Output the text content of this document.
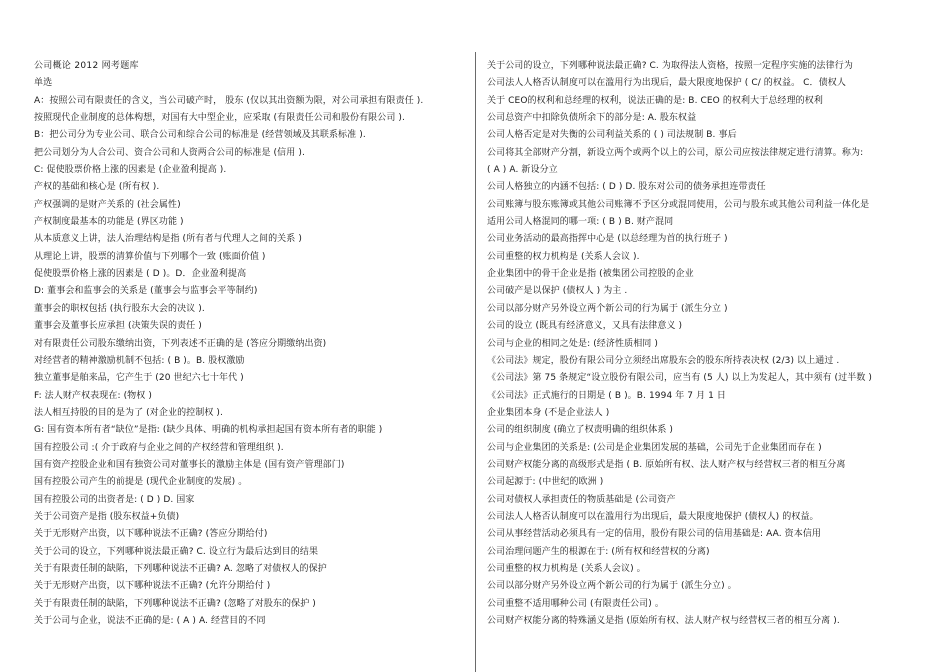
公司概论 2012 网考题库
单选
A：按照公司有限责任的含义，当公司破产时， 股东 (仅以其出资额为限，对公司承担有限责任 ).
按照现代企业制度的总体构想，对国有大中型企业，应采取 (有限责任公司和股份有限公司 ).
B：把公司分为专业公司、联合公司和综合公司的标准是 (经营领域及其联系标准 ).
把公司划分为人合公司、资合公司和人资两合公司的标准是 (信用 ).
C: 促使股票价格上涨的因素是 (企业盈利提高 ).
产权的基础和核心是 (所有权 ).
产权强调的是财产关系的 (社会属性)
产权制度最基本的功能是 (界区功能 )
从本质意义上讲，法人治理结构是指 (所有者与代理人之间的关系 )
从理论上讲，股票的清算价值与下列哪个一致 (账面价值 )
促使股票价格上涨的因素是 ( D )。D．企业盈利提高
D: 董事会和监事会的关系是 (董事会与监事会平等制约)
董事会的职权包括 (执行股东大会的决议 ).
董事会及董事长应承担 (决策失误的责任 )
对有限责任公司股东缴纳出资，下列表述不正确的是 (答应分期缴纳出资)
对经营者的精神激励机制不包括: ( B )。B. 股权激励
独立董事是舶来品，它产生于 (20 世纪六七十年代 )
F: 法人财产权表现在: (物权 )
法人相互持股的目的是为了 (对企业的控制权 ).
G: 国有资本所有者“缺位”是指: (缺少具体、明确的机构承担起国有资本所有者的职能 )
国有控股公司 :( 介于政府与企业之间的产权经营和管理组织 ).
国有资产控股企业和国有独资公司对董事长的激励主体是 (国有资产管理部门)
国有控股公司产生的前提是 (现代企业制度的发展) 。
国有控股公司的出资者是: ( D ) D. 国家
关于公司资产是指 (股东权益+负债)
关于无形财产出资，以下哪种说法不正确? (答应分期给付)
关于公司的设立，下列哪种说法最正确? C. 设立行为最后达到目的结果
关于有限责任制的缺陷，下列哪种说法不正确? A. 忽略了对债权人的保护
关于无形财产出资，以下哪种说法不正确? (允许分期给付 )
关于有限责任制的缺陷，下列哪种说法不正确? (忽略了对股东的保护 )
关于公司与企业，说法不正确的是: ( A ) A. 经营目的不同
关于公司的设立，下列哪种说法最正确? C. 为取得法人资格，按照一定程序实施的法律行为
公司法人人格否认制度可以在滥用行为出现后，最大限度地保护 ( C/ 的权益。 C．债权人
关于 CEO的权利和总经理的权利，说法正确的是: B. CEO 的权利大于总经理的权利
公司总资产中扣除负债所余下的部分是: A. 股东权益
公司人格否定是对失衡的公司利益关系的 ( ) 司法规制 B. 事后
公司将其全部财产分割，新设立两个或两个以上的公司，原公司应按法律规定进行清算。称为:
( A ) A. 新设分立
公司人格独立的内涵不包括: ( D ) D. 股东对公司的债务承担连带责任
公司账簿与股东账簿或其他公司账簿不予区分或混同使用，公司与股东或其他公司利益一体化是
适用公司人格混同的哪一项: ( B ) B. 财产混同
公司业务活动的最高指挥中心是 (以总经理为首的执行班子 )
公司重整的权力机构是 (关系人会议 ).
企业集团中的骨干企业是指 (被集团公司控股的企业
公司破产是以保护 (债权人 ) 为主 .
公司以部分财产另外设立两个新公司的行为属于 (派生分立 )
公司的设立 (既具有经济意义，又具有法律意义 )
公司与企业的相同之处是: (经济性质相同 )
《公司法》规定，股份有限公司分立须经出席股东会的股东所持表决权 (2/3) 以上通过 .
《公司法》第 75 条规定“设立股份有限公司，应当有 (5 人) 以上为发起人，其中须有 (过半数 )
《公司法》正式施行的日期是 ( B )。B. 1994 年 7 月 1 日
企业集团本身 (不是企业法人 )
公司的组织制度 (确立了权责明确的组织体系 )
公司与企业集团的关系是: (公司是企业集团发展的基础，公司先于企业集团而存在 )
公司财产权能分离的高级形式是指 ( B. 原始所有权、法人财产权与经营权三者的相互分离
公司起源于: (中世纪的欧洲 )
公司对债权人承担责任的物质基础是 (公司资产
公司法人人格否认制度可以在滥用行为出现后，最大限度地保护 (债权人) 的权益。
公司从事经营活动必须具有一定的信用，股份有限公司的信用基础是: AA. 资本信用
公司治理问题产生的根源在于: (所有权和经营权的分离)
公司重整的权力机构是 (关系人会议) 。
公司以部分财产另外设立两个新公司的行为属于 (派生分立) 。
公司重整不适用哪种公司 (有限责任公司) 。
公司财产权能分离的特殊涵义是指 (原始所有权、法人财产权与经营权三者的相互分离 ).
